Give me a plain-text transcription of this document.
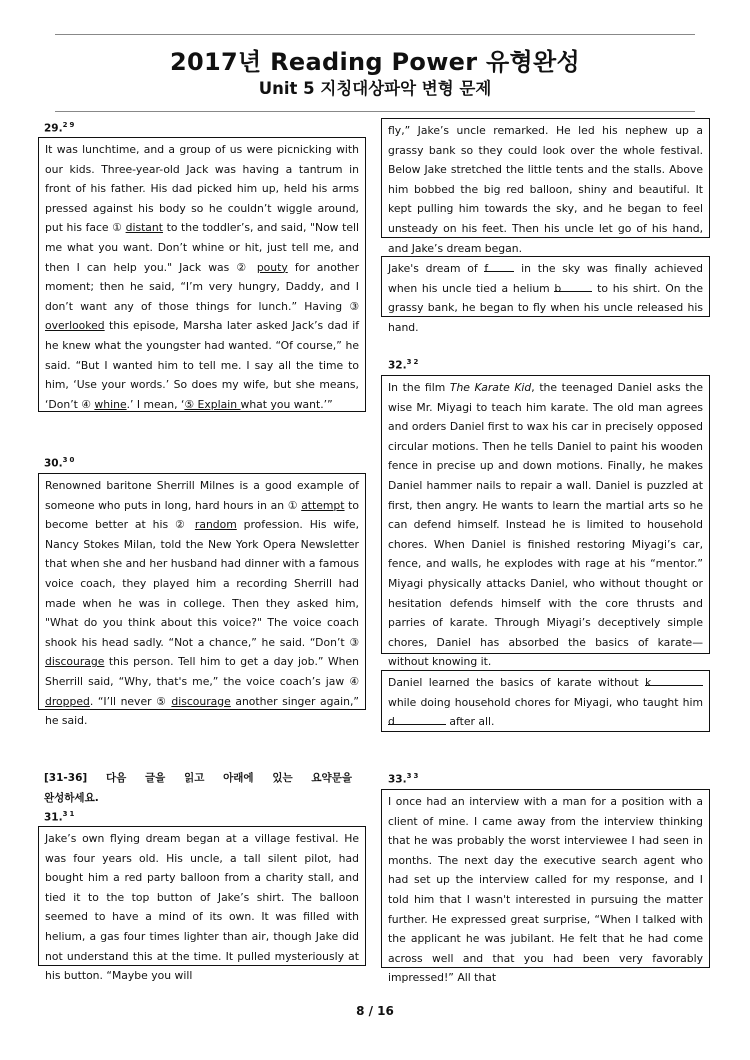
2017년 Reading Power 유형완성
Unit 5 지칭대상파악 변형 문제
29.29

It was lunchtime, and a group of us were picnicking with our kids. Three-year-old Jack was having a tantrum in front of his father. His dad picked him up, held his arms pressed against his body so he couldn’t wiggle around, put his face ① distant to the toddler’s, and said, "Now tell me what you want. Don’t whine or hit, just tell me, and then I can help you." Jack was ② pouty for another moment; then he said, “I’m very hungry, Daddy, and I don’t want any of those things for lunch.” Having ③ overlooked this episode, Marsha later asked Jack’s dad if he knew what the youngster had wanted. “Of course,” he said. “But I wanted him to tell me. I say all the time to him, ‘Use your words.’ So does my wife, but she means, ‘Don’t ④ whine.’ I mean, ‘⑤ Explain what you want.’”

30.30

Renowned baritone Sherrill Milnes is a good example of someone who puts in long, hard hours in an ① attempt to become better at his ② random profession. His wife, Nancy Stokes Milan, told the New York Opera Newsletter that when she and her husband had dinner with a famous voice coach, they played him a recording Sherrill had made when he was in college. Then they asked him, "What do you think about this voice?" The voice coach shook his head sadly. “Not a chance,” he said. “Don’t ③ discourage this person. Tell him to get a day job.” When Sherrill said, “Why, that's me,” the voice coach’s jaw ④ dropped. “I’ll never ⑤ discourage another singer again,” he said.

[31-36] 다음 글을 읽고 아래에 있는 요약문을
완성하세요.
31.31

Jake’s own flying dream began at a village festival. He was four years old. His uncle, a tall silent pilot, had bought him a red party balloon from a charity stall, and tied it to the top button of Jake’s shirt. The balloon seemed to have a mind of its own. It was filled with helium, a gas four times lighter than air, though Jake did not understand this at the time. It pulled mysteriously at his button. “Maybe you will

fly,” Jake’s uncle remarked. He led his nephew up a grassy bank so they could look over the whole festival. Below Jake stretched the little tents and the stalls. Above him bobbed the big red balloon, shiny and beautiful. It kept pulling him towards the sky, and he began to feel unsteady on his feet. Then his uncle let go of his hand, and Jake’s dream began.

Jake's dream of f in the sky was finally achieved when his uncle tied a helium b	to his shirt. On the grassy bank, he began to fly when his uncle released his hand.

32.32

In the film The Karate Kid, the teenaged Daniel asks the wise Mr. Miyagi to teach him karate. The old man agrees and orders Daniel first to wax his car in precisely opposed circular motions. Then he tells Daniel to paint his wooden fence in precise up and down motions. Finally, he makes Daniel hammer nails to repair a wall. Daniel is puzzled at first, then angry. He wants to learn the martial arts so he can defend himself. Instead he is limited to household chores. When Daniel is finished restoring Miyagi’s car, fence, and walls, he explodes with rage at his “mentor.” Miyagi physically attacks Daniel, who without thought or hesitation defends himself with the core thrusts and parries of karate. Through Miyagi’s deceptively simple chores, Daniel has absorbed the basics of karate—without knowing it.

Daniel learned the basics of karate without k while doing household chores for Miyagi, who taught him d	after all.

33.33

I once had an interview with a man for a position with a client of mine. I came away from the interview thinking that he was probably the worst interviewee I had seen in months. The next day the executive search agent who had set up the interview called for my response, and I told him that I wasn't interested in pursuing the matter further. He expressed great surprise, “When I talked with the applicant he was jubilant. He felt that he had come across well and that you had been very favorably impressed!” All that

8 / 16
